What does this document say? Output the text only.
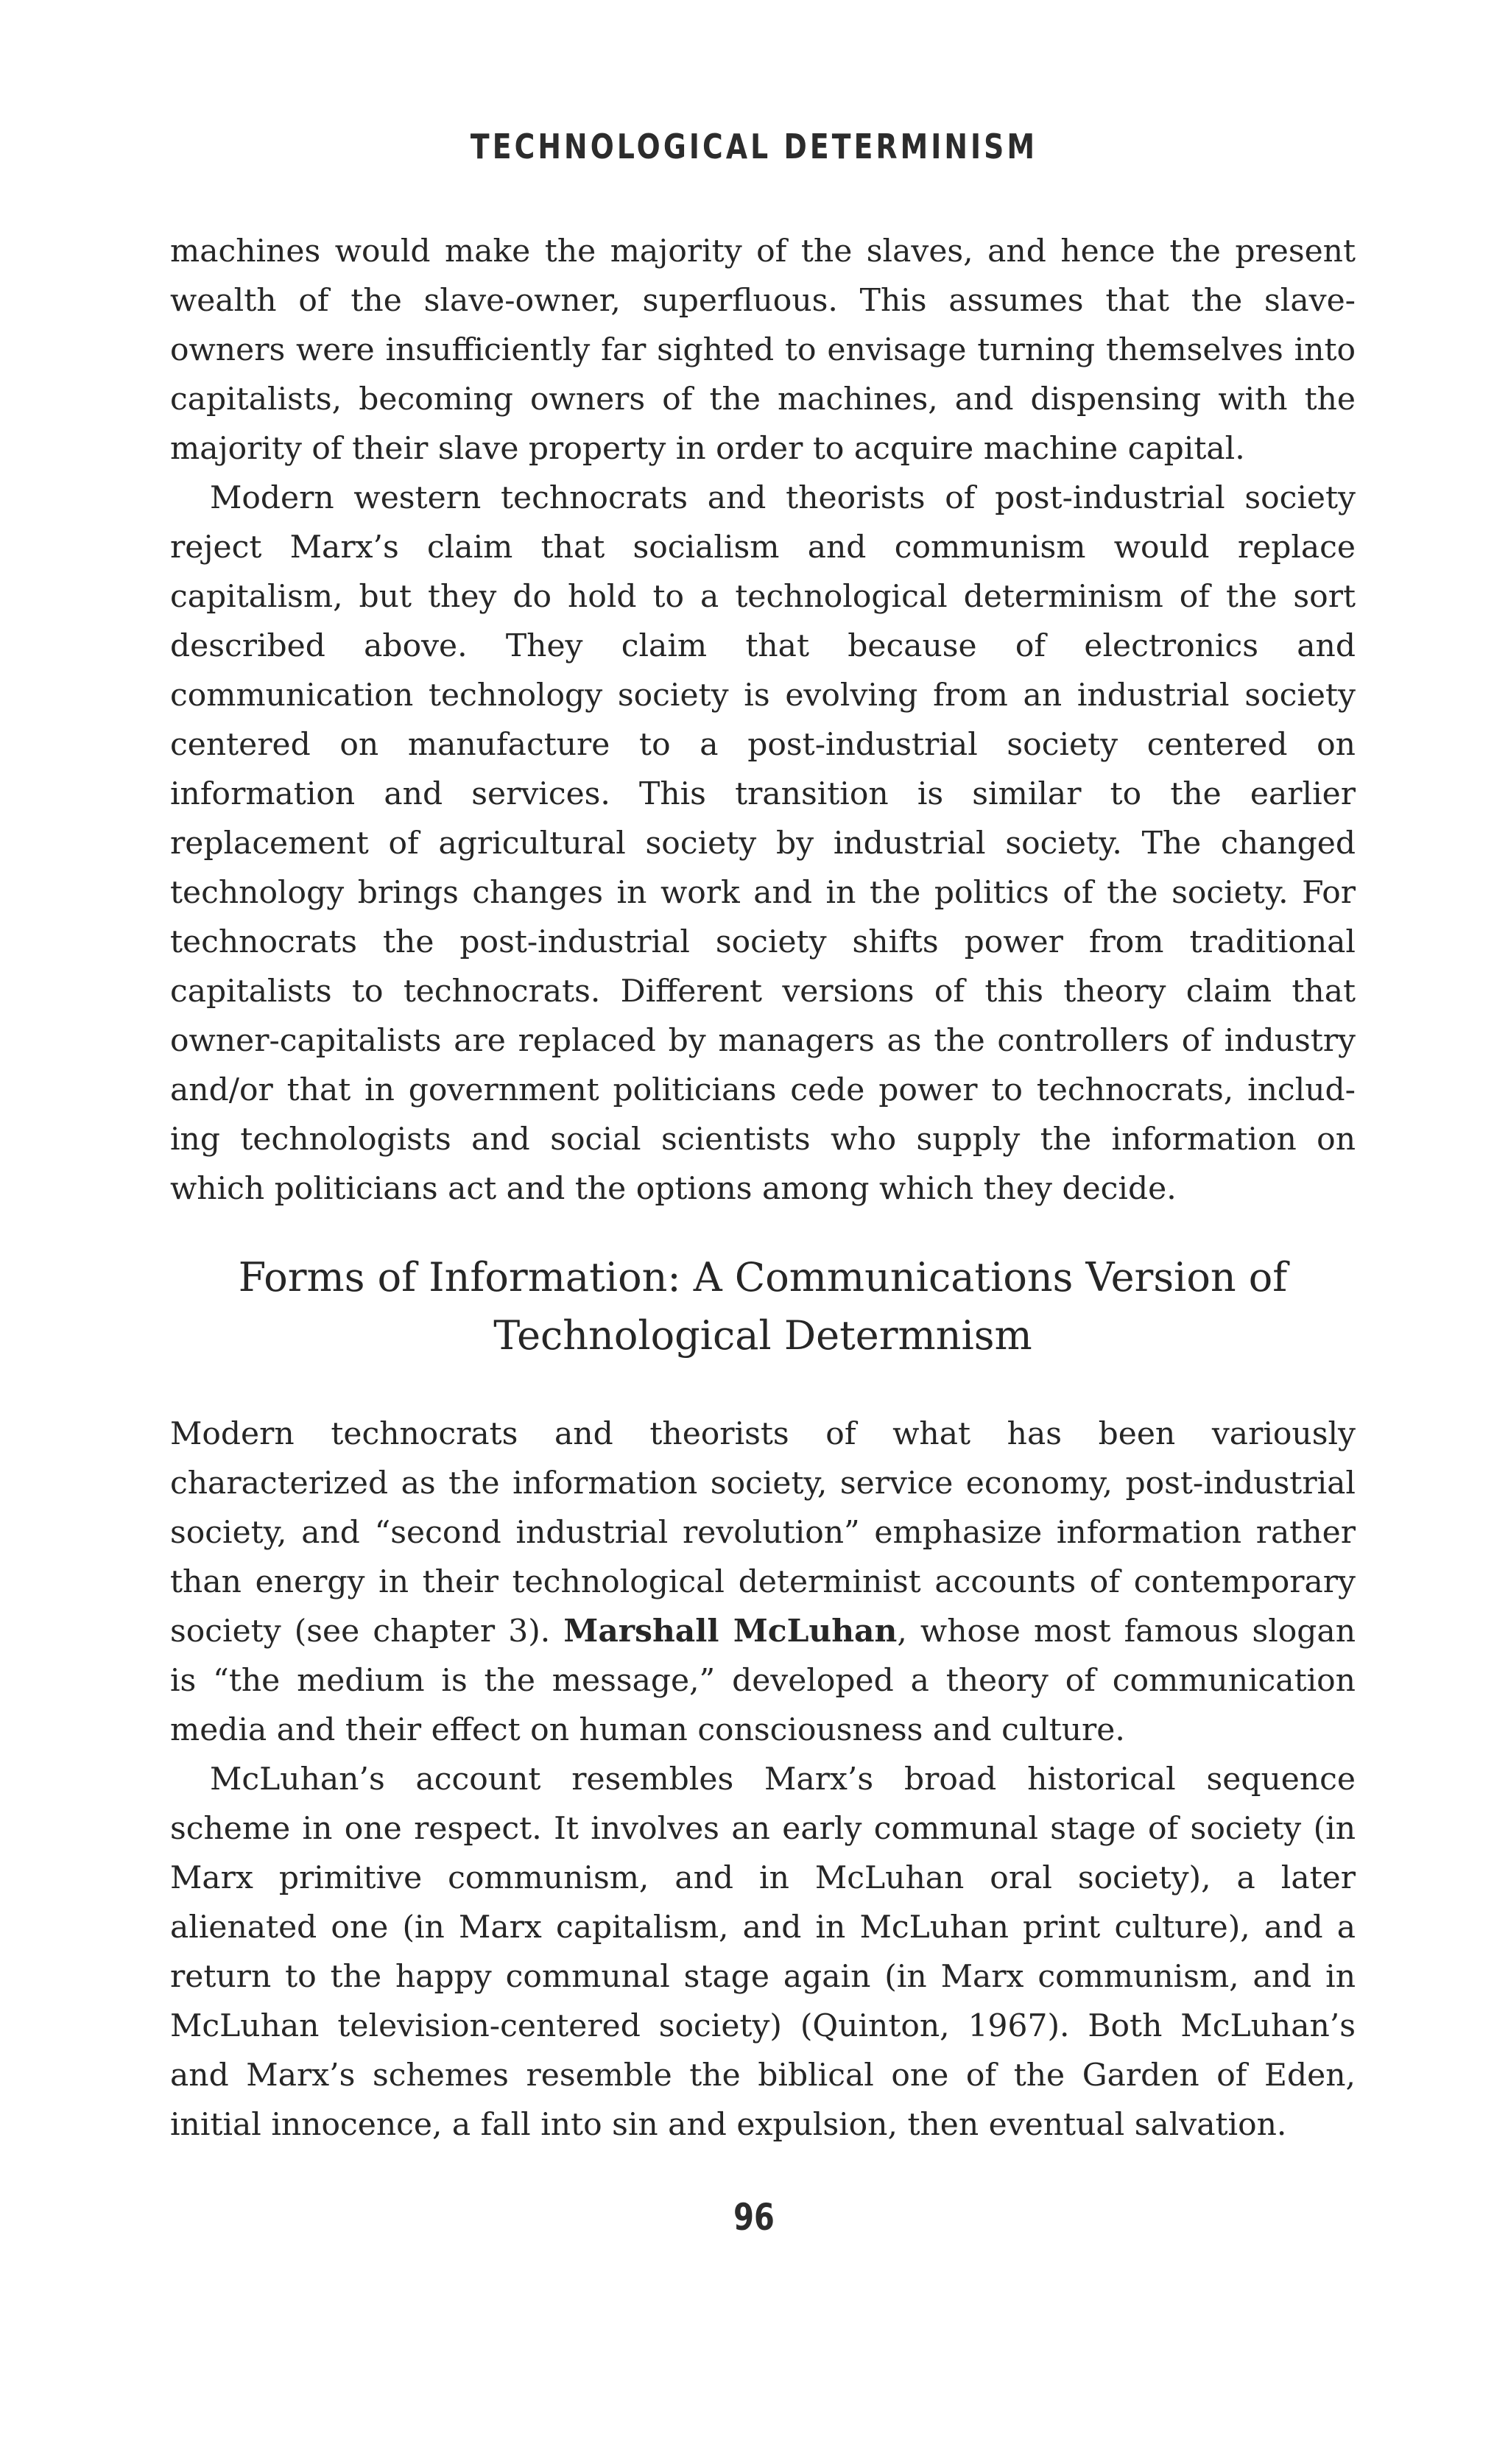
TECHNOLOGICAL DETERMINISM

machines would make the majority of the slaves, and hence the present wealth of the slave-owner, superfluous. This assumes that the slave-owners were insufficiently far sighted to envisage turning themselves into capitalists, becoming owners of the machines, and dispensing with the majority of their slave property in order to acquire machine capital.

Modern western technocrats and theorists of post-industrial society reject Marx’s claim that socialism and communism would replace capitalism, but they do hold to a technological determinism of the sort described above. They claim that because of electronics and communication technology society is evolving from an industrial society centered on manufacture to a post-industrial society centered on information and services. This transition is similar to the earlier replacement of agricultural society by industrial society. The changed technology brings changes in work and in the politics of the society. For technocrats the post-industrial society shifts power from traditional capitalists to technocrats. Different versions of this theory claim that owner-capitalists are replaced by managers as the controllers of industry and/or that in government politicians cede power to technocrats, including technologists and social scientists who supply the information on which politicians act and the options among which they decide.

Forms of Information: A Communications Version of
Technological Determnism

Modern technocrats and theorists of what has been variously characterized as the information society, service economy, post-industrial society, and “second industrial revolution” emphasize information rather than energy in their technological determinist accounts of contemporary society (see chapter 3). Marshall McLuhan, whose most famous slogan is “the medium is the message,” developed a theory of communication media and their effect on human consciousness and culture.

McLuhan’s account resembles Marx’s broad historical sequence scheme in one respect. It involves an early communal stage of society (in Marx primitive communism, and in McLuhan oral society), a later alienated one (in Marx capitalism, and in McLuhan print culture), and a return to the happy communal stage again (in Marx communism, and in McLuhan television-centered society) (Quinton, 1967). Both McLuhan’s and Marx’s schemes resemble the biblical one of the Garden of Eden, initial innocence, a fall into sin and expulsion, then eventual salvation.

96
